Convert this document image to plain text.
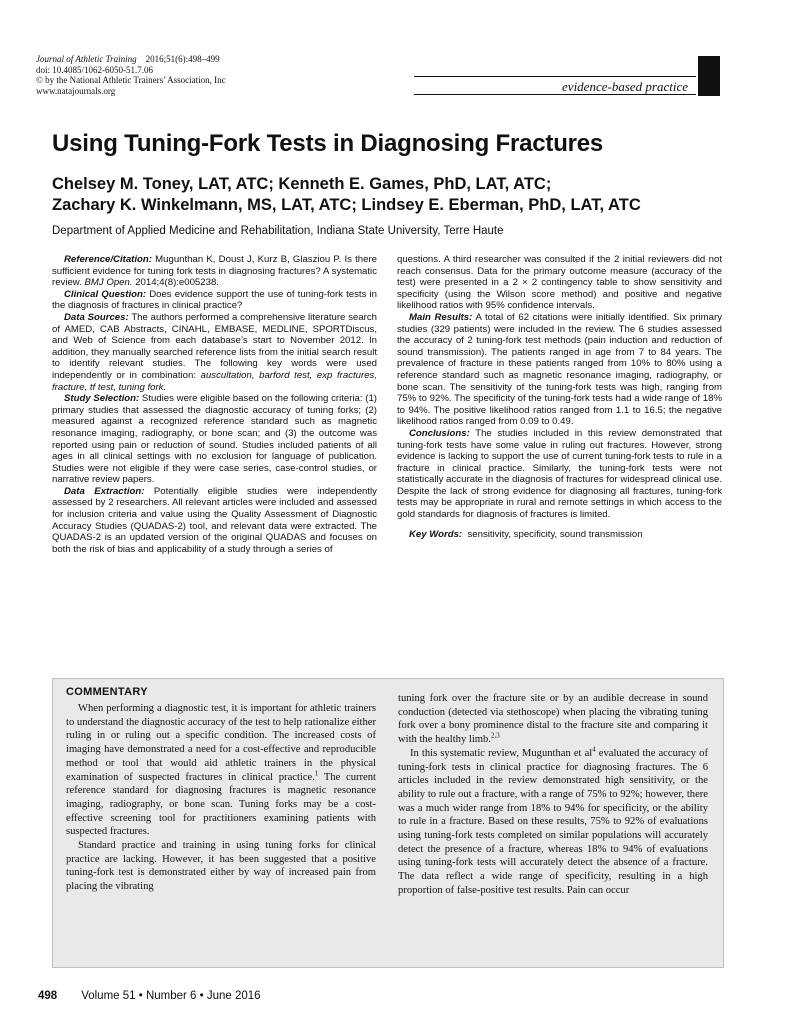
Journal of Athletic Training 2016;51(6):498–499
doi: 10.4085/1062-6050-51.7.06
© by the National Athletic Trainers’ Association, Inc
www.natajournals.org	evidence-based practice
Using Tuning-Fork Tests in Diagnosing Fractures
Chelsey M. Toney, LAT, ATC; Kenneth E. Games, PhD, LAT, ATC;
Zachary K. Winkelmann, MS, LAT, ATC; Lindsey E. Eberman, PhD, LAT, ATC
Department of Applied Medicine and Rehabilitation, Indiana State University, Terre Haute

Reference/Citation: Mugunthan K, Doust J, Kurz B, Glasziou P. Is there sufficient evidence for tuning fork tests in diagnosing fractures? A systematic review. BMJ Open. 2014;4(8):e005238.

Clinical Question: Does evidence support the use of tuning-fork tests in the diagnosis of fractures in clinical practice?

Data Sources: The authors performed a comprehensive literature search of AMED, CAB Abstracts, CINAHL, EMBASE, MEDLINE, SPORTDiscus, and Web of Science from each database’s start to November 2012. In addition, they manually searched reference lists from the initial search result to identify relevant studies. The following key words were used independently or in combination: auscultation, barford test, exp fractures, fracture, tf test, tuning fork.

Study Selection: Studies were eligible based on the following criteria: (1) primary studies that assessed the diagnostic accuracy of tuning forks; (2) measured against a recognized reference standard such as magnetic resonance imaging, radiography, or bone scan; and (3) the outcome was reported using pain or reduction of sound. Studies included patients of all ages in all clinical settings with no exclusion for language of publication. Studies were not eligible if they were case series, case-control studies, or narrative review papers.

Data Extraction: Potentially eligible studies were independently assessed by 2 researchers. All relevant articles were included and assessed for inclusion criteria and value using the Quality Assessment of Diagnostic Accuracy Studies (QUADAS-2) tool, and relevant data were extracted. The QUADAS-2 is an updated version of the original QUADAS and focuses on both the risk of bias and applicability of a study through a series of

questions. A third researcher was consulted if the 2 initial reviewers did not reach consensus. Data for the primary outcome measure (accuracy of the test) were presented in a 2 × 2 contingency table to show sensitivity and specificity (using the Wilson score method) and positive and negative likelihood ratios with 95% confidence intervals.

Main Results: A total of 62 citations were initially identified. Six primary studies (329 patients) were included in the review. The 6 studies assessed the accuracy of 2 tuning-fork test methods (pain induction and reduction of sound transmission). The patients ranged in age from 7 to 84 years. The prevalence of fracture in these patients ranged from 10% to 80% using a reference standard such as magnetic resonance imaging, radiography, or bone scan. The sensitivity of the tuning-fork tests was high, ranging from 75% to 92%. The specificity of the tuning-fork tests had a wide range of 18% to 94%. The positive likelihood ratios ranged from 1.1 to 16.5; the negative likelihood ratios ranged from 0.09 to 0.49.

Conclusions: The studies included in this review demonstrated that tuning-fork tests have some value in ruling out fractures. However, strong evidence is lacking to support the use of current tuning-fork tests to rule in a fracture in clinical practice. Similarly, the tuning-fork tests were not statistically accurate in the diagnosis of fractures for widespread clinical use. Despite the lack of strong evidence for diagnosing all fractures, tuning-fork tests may be appropriate in rural and remote settings in which access to the gold standards for diagnosis of fractures is limited.

Key Words: sensitivity, specificity, sound transmission

COMMENTARY

When performing a diagnostic test, it is important for athletic trainers to understand the diagnostic accuracy of the test to help rationalize either ruling in or ruling out a specific condition. The increased costs of imaging have demonstrated a need for a cost-effective and reproducible method or tool that would aid athletic trainers in the physical examination of suspected fractures in clinical practice.$^1$ The current reference standard for diagnosing fractures is magnetic resonance imaging, radiography, or bone scan. Tuning forks may be a cost-effective screening tool for practitioners examining patients with suspected fractures.

Standard practice and training in using tuning forks for clinical practice are lacking. However, it has been suggested that a positive tuning-fork test is demonstrated either by way of increased pain from placing the vibrating

tuning fork over the fracture site or by an audible decrease in sound conduction (detected via stethoscope) when placing the vibrating tuning fork over a bony prominence distal to the fracture site and comparing it with the healthy limb.$^{2,3}$

In this systematic review, Mugunthan et $al^4$ evaluated the accuracy of tuning-fork tests in clinical practice for diagnosing fractures. The 6 articles included in the review demonstrated high sensitivity, or the ability to rule out a fracture, with a range of 75% to 92%; however, there was a much wider range from 18% to 94% for specificity, or the ability to rule in a fracture. Based on these results, 75% to 92% of evaluations using tuning-fork tests completed on similar populations will accurately detect the presence of a fracture, whereas 18% to 94% of evaluations using tuning-fork tests will accurately detect the absence of a fracture. The data reflect a wide range of specificity, resulting in a high proportion of false-positive test results. Pain can occur

498 Volume 51 • Number 6 • June 2016
